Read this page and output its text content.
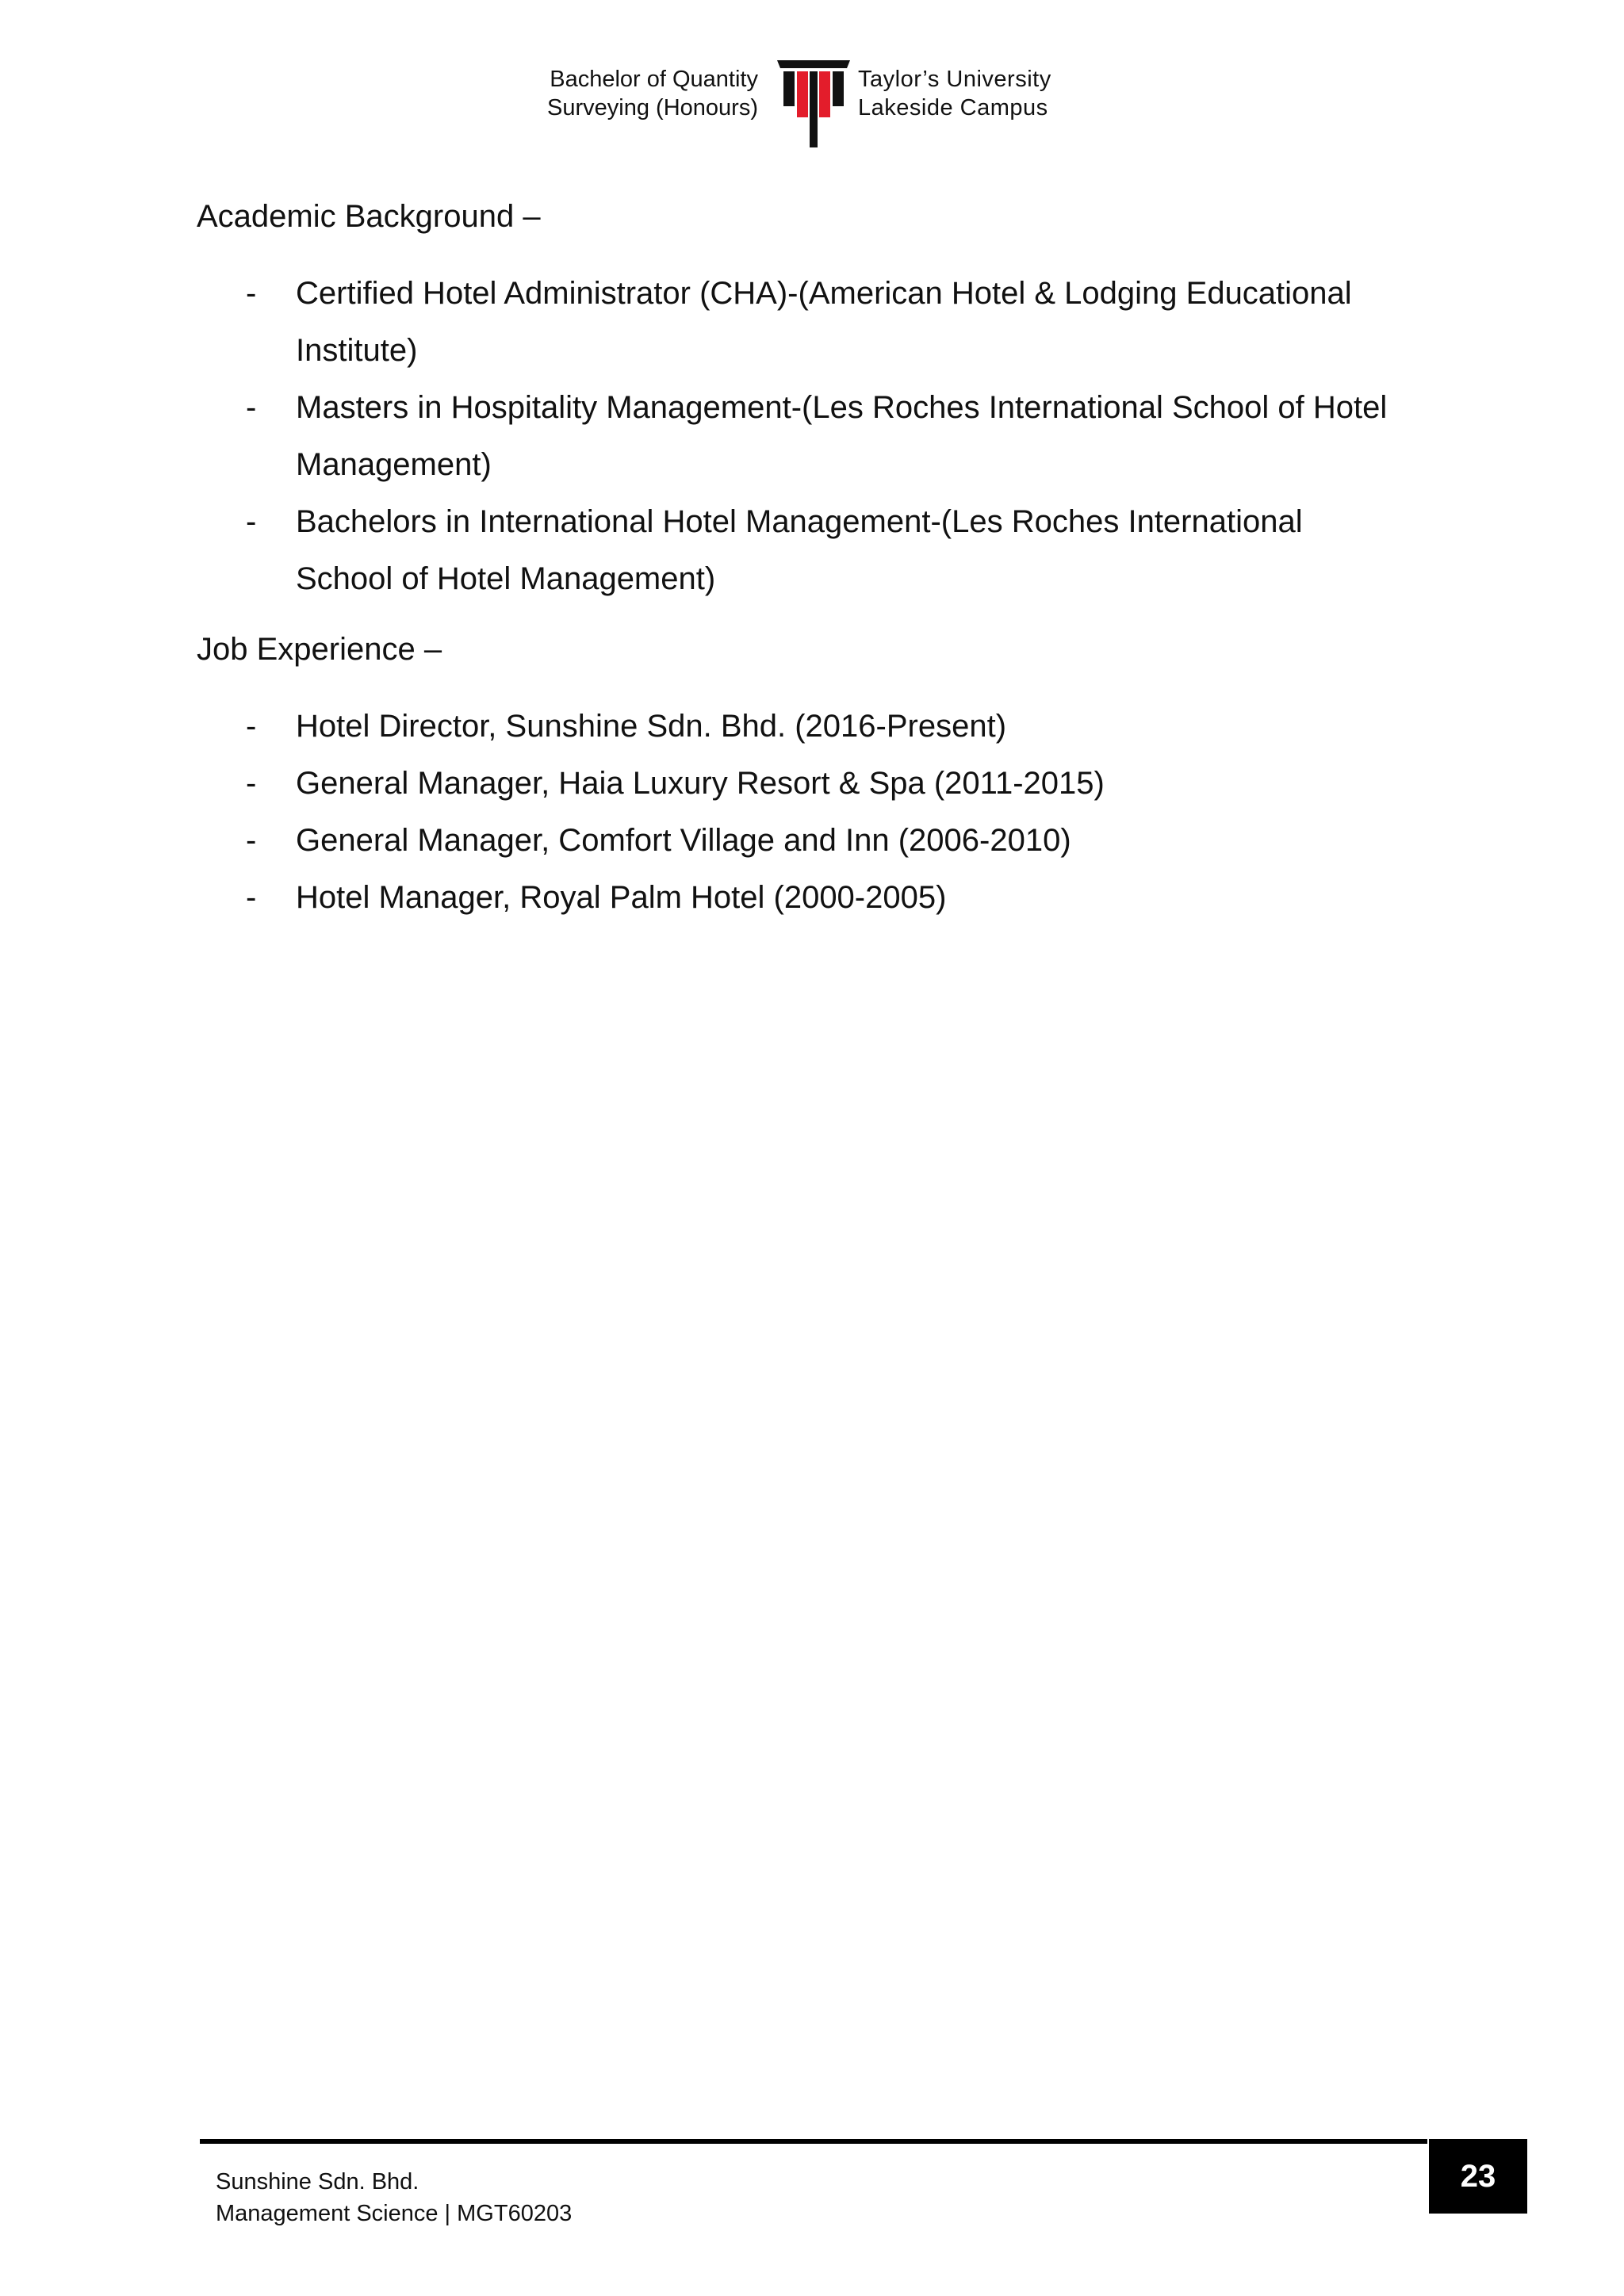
Bachelor of Quantity
Surveying (Honours)
Taylor’s University
Lakeside Campus

Academic Background –

- Certified Hotel Administrator (CHA)-(American Hotel & Lodging Educational
Institute)
- Masters in Hospitality Management-(Les Roches International School of Hotel
Management)
- Bachelors in International Hotel Management-(Les Roches International
School of Hotel Management)

Job Experience –

- Hotel Director, Sunshine Sdn. Bhd. (2016-Present)
- General Manager, Haia Luxury Resort & Spa (2011-2015)
- General Manager, Comfort Village and Inn (2006-2010)
- Hotel Manager, Royal Palm Hotel (2000-2005)
23
Sunshine Sdn. Bhd.
Management Science | MGT60203
